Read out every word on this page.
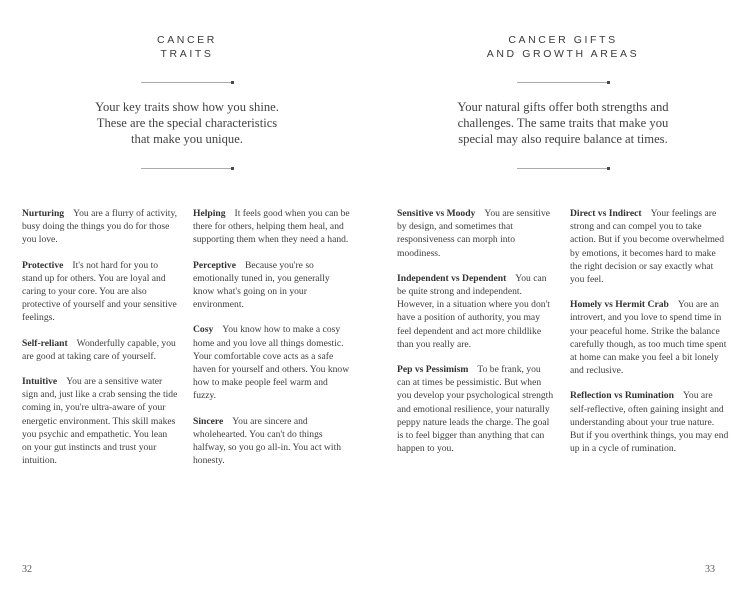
CANCER
TRAITS
Your key traits show how you shine.
These are the special characteristics
that make you unique.

Nurturing You are a flurry of activity, busy doing the things you do for those you love.

Protective It's not hard for you to stand up for others. You are loyal and caring to your core. You are also protective of yourself and your sensitive feelings.

Self-reliant Wonderfully capable, you are good at taking care of yourself.

Intuitive You are a sensitive water sign and, just like a crab sensing the tide coming in, you're ultra-aware of your energetic environment. This skill makes you psychic and empathetic. You lean on your gut instincts and trust your intuition.

Helping It feels good when you can be there for others, helping them heal, and supporting them when they need a hand.

Perceptive Because you're so emotionally tuned in, you generally know what's going on in your environment.

Cosy You know how to make a cosy home and you love all things domestic. Your comfortable cove acts as a safe haven for yourself and others. You know how to make people feel warm and fuzzy.

Sincere You are sincere and wholehearted. You can't do things halfway, so you go all-in. You act with honesty.

32
CANCER GIFTS
AND GROWTH AREAS
Your natural gifts offer both strengths and
challenges. The same traits that make you
special may also require balance at times.

Sensitive vs Moody You are sensitive by design, and sometimes that responsiveness can morph into moodiness.

Independent vs Dependent You can be quite strong and independent. However, in a situation where you don't have a position of authority, you may feel dependent and act more childlike than you really are.

Pep vs Pessimism To be frank, you can at times be pessimistic. But when you develop your psychological strength and emotional resilience, your naturally peppy nature leads the charge. The goal is to feel bigger than anything that can happen to you.

Direct vs Indirect Your feelings are strong and can compel you to take action. But if you become overwhelmed by emotions, it becomes hard to make the right decision or say exactly what you feel.

Homely vs Hermit Crab You are an introvert, and you love to spend time in your peaceful home. Strike the balance carefully though, as too much time spent at home can make you feel a bit lonely and reclusive.

Reflection vs Rumination You are self-reflective, often gaining insight and understanding about your true nature. But if you overthink things, you may end up in a cycle of rumination.

33
